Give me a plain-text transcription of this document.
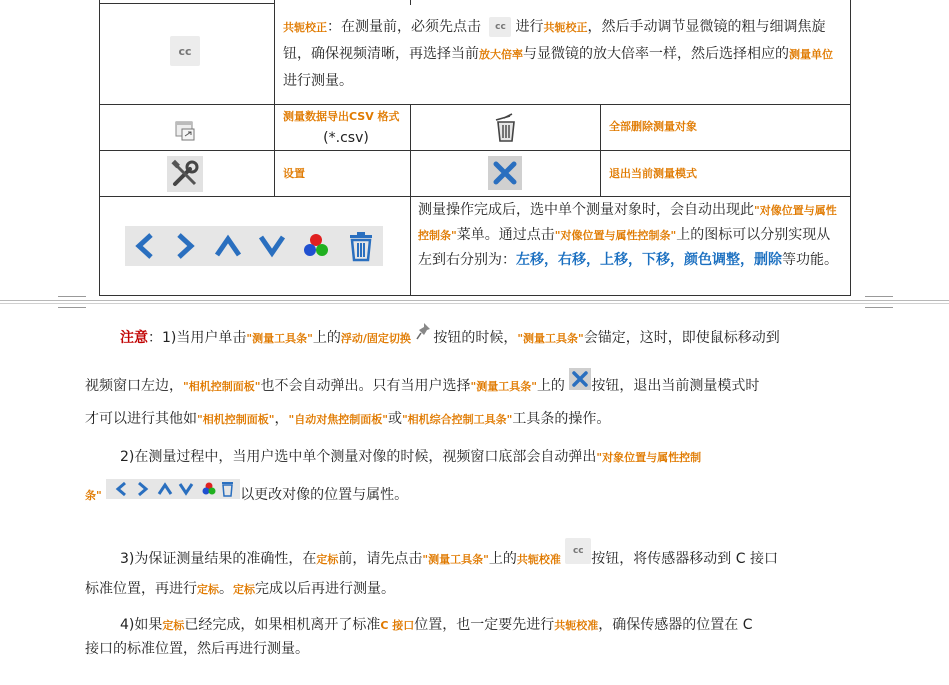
cc
共轭校正：在测量前，必须先点击 cc 进行共轭校正，然后手动调节显微镜的粗与细调焦旋钮，确保视频清晰，再选择当前放大倍率与显微镜的放大倍率一样，然后选择相应的测量单位进行测量。
测量数据导出CSV 格式
(*.csv)
全部删除测量对象
设置	退出当前测量模式
测量操作完成后，选中单个测量对象时，会自动出现此"对像位置与属性控制条"菜单。通过点击"对像位置与属性控制条"上的图标可以分别实现从左到右分别为：左移，右移，上移，下移，颜色调整，删除等功能。
注意：1)当用户单击"测量工具条"上的浮动/固定切换 按钮的时候，"测量工具条"会锚定，这时，即使鼠标移动到
视频窗口左边，"相机控制面板"也不会自动弹出。只有当用户选择"测量工具条"上的 按钮，退出当前测量模式时
才可以进行其他如"相机控制面板"，"自动对焦控制面板"或"相机综合控制工具条"工具条的操作。
2)在测量过程中，当用户选中单个测量对像的时候，视频窗口底部会自动弹出"对象位置与属性控制
条"	以更改对像的位置与属性。
3)为保证测量结果的准确性，在定标前，请先点击"测量工具条"上的共轭校准 cc 按钮，将传感器移动到 C 接口
标准位置，再进行定标。定标完成以后再进行测量。
4)如果定标已经完成，如果相机离开了标准C 接口位置，也一定要先进行共轭校准，确保传感器的位置在 C
接口的标准位置，然后再进行测量。
